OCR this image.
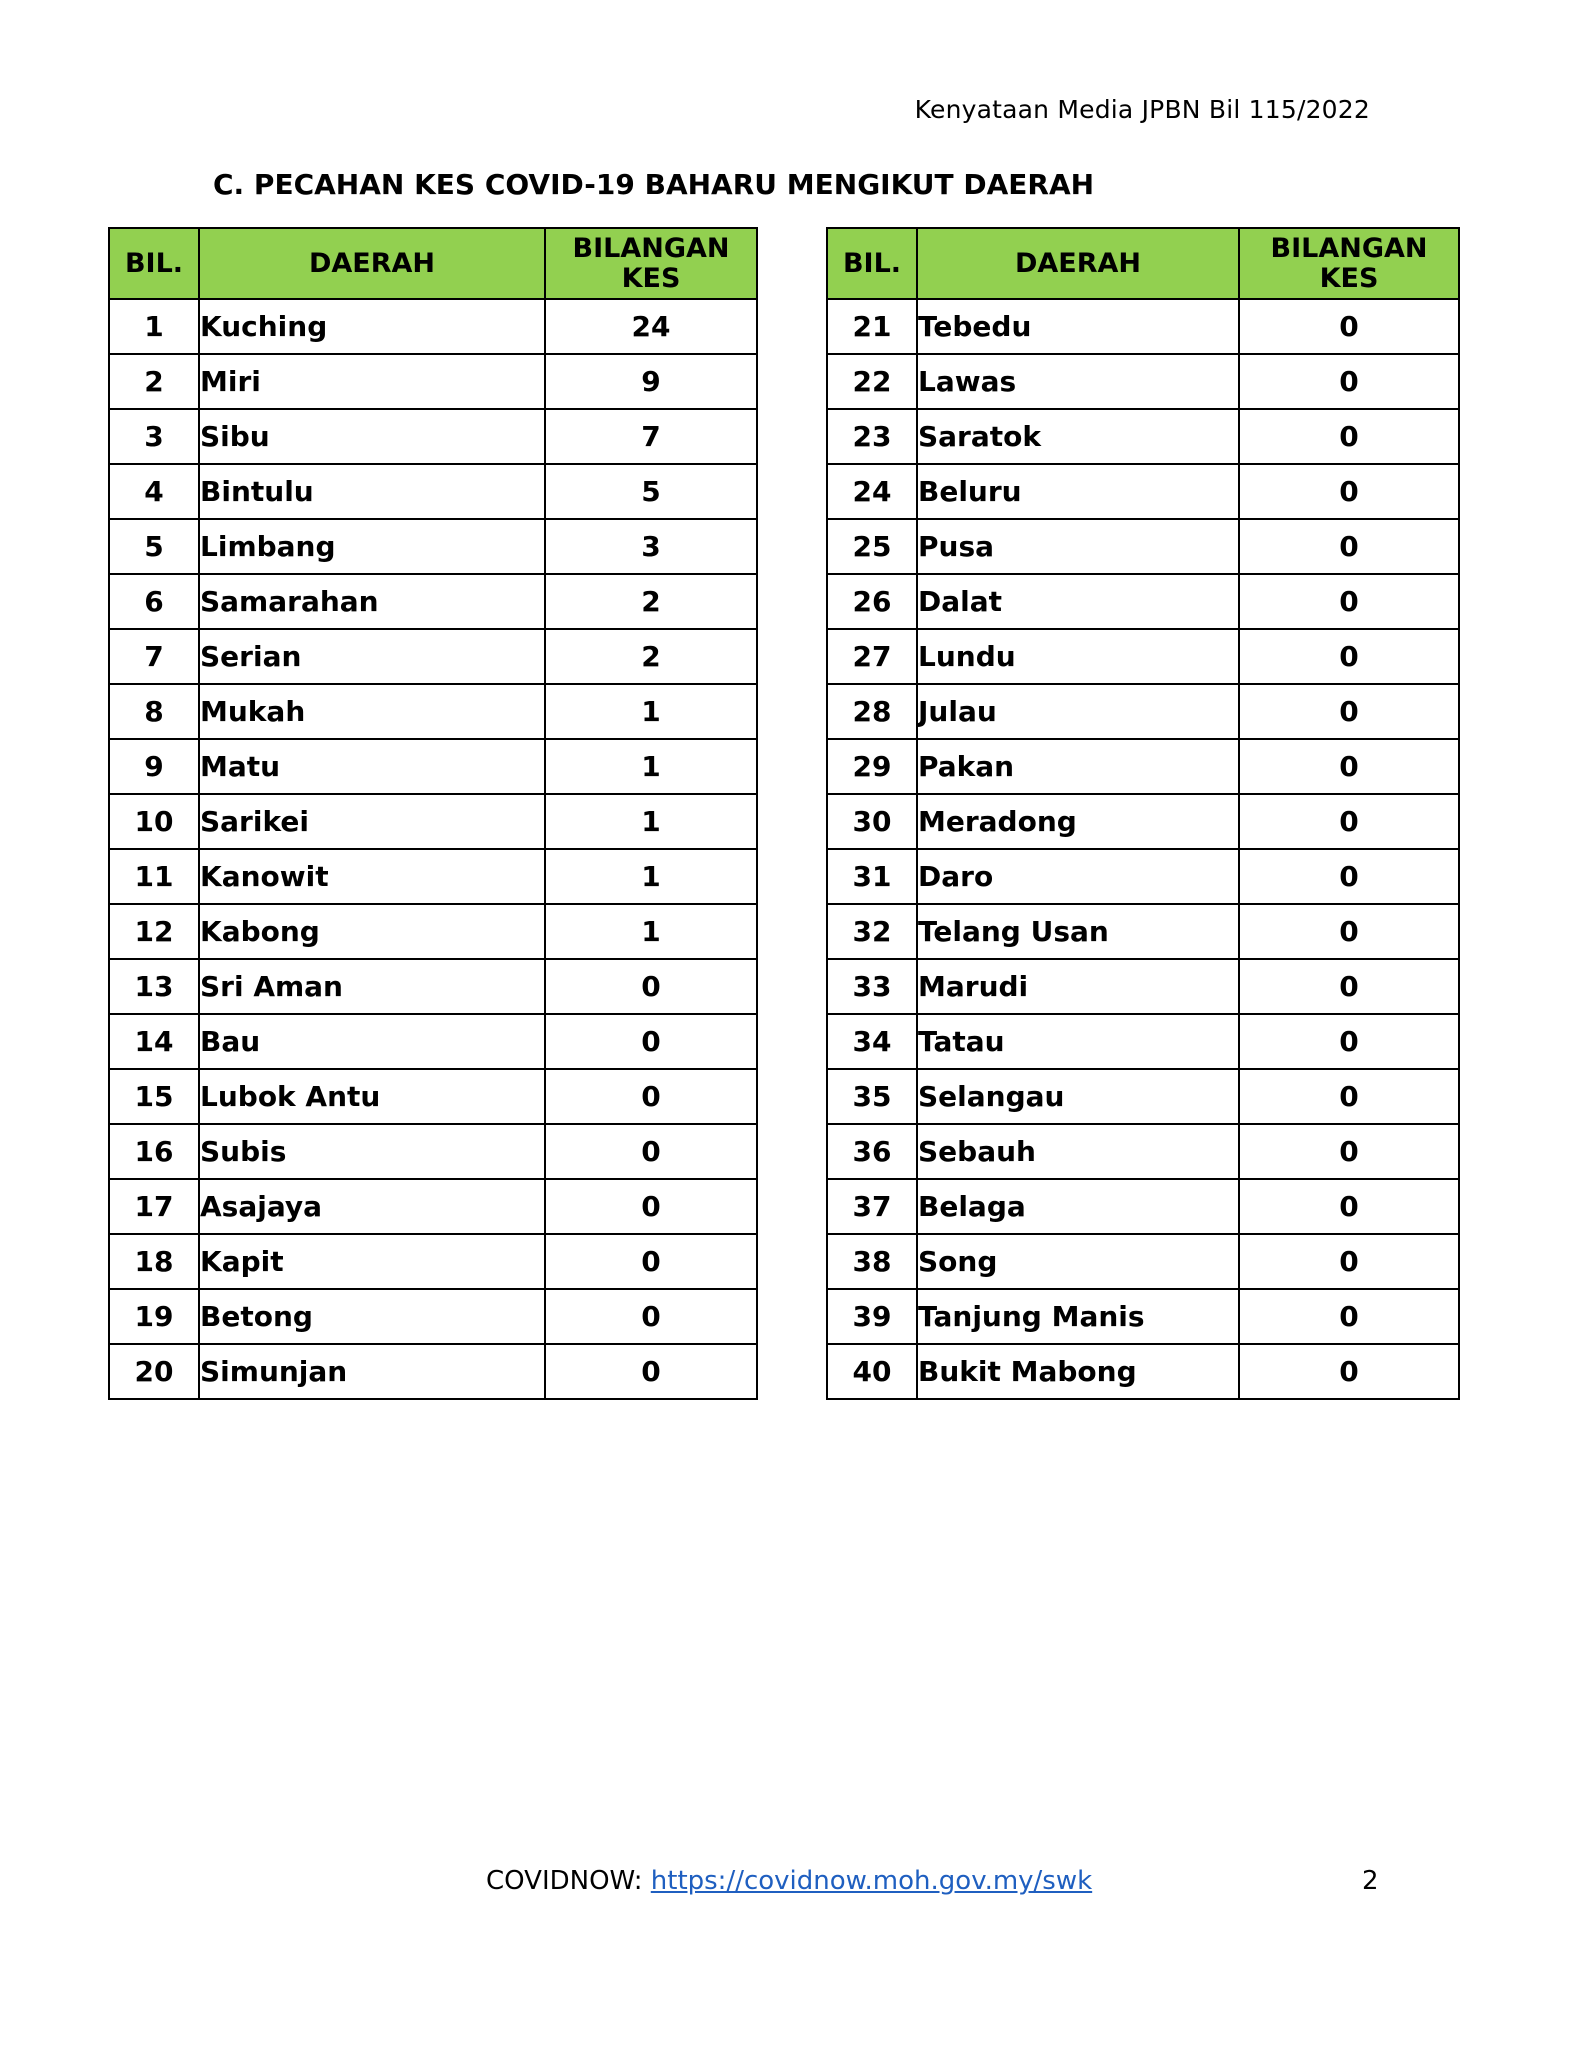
Kenyataan Media JPBN Bil 115/2022
C. PECAHAN KES COVID-19 BAHARU MENGIKUT DAERAH
BIL.	DAERAH	BILANGAN
KES

1	Kuching	24
2	Miri	9
3	Sibu	7
4	Bintulu	5
5	Limbang	3
6	Samarahan	2
7	Serian	2
8	Mukah	1
9	Matu	1
10	Sarikei	1
11	Kanowit	1
12	Kabong	1
13	Sri Aman	0
14	Bau	0
15	Lubok Antu	0
16	Subis	0
17	Asajaya	0
18	Kapit	0
19	Betong	0
20	Simunjan	0
BIL.	DAERAH	BILANGAN
KES

21	Tebedu	0
22	Lawas	0
23	Saratok	0
24	Beluru	0
25	Pusa	0
26	Dalat	0
27	Lundu	0
28	Julau	0
29	Pakan	0
30	Meradong	0
31	Daro	0
32	Telang Usan	0
33	Marudi	0
34	Tatau	0
35	Selangau	0
36	Sebauh	0
37	Belaga	0
38	Song	0
39	Tanjung Manis	0
40	Bukit Mabong	0
COVIDNOW: https://covidnow.moh.gov.my/swk	2
